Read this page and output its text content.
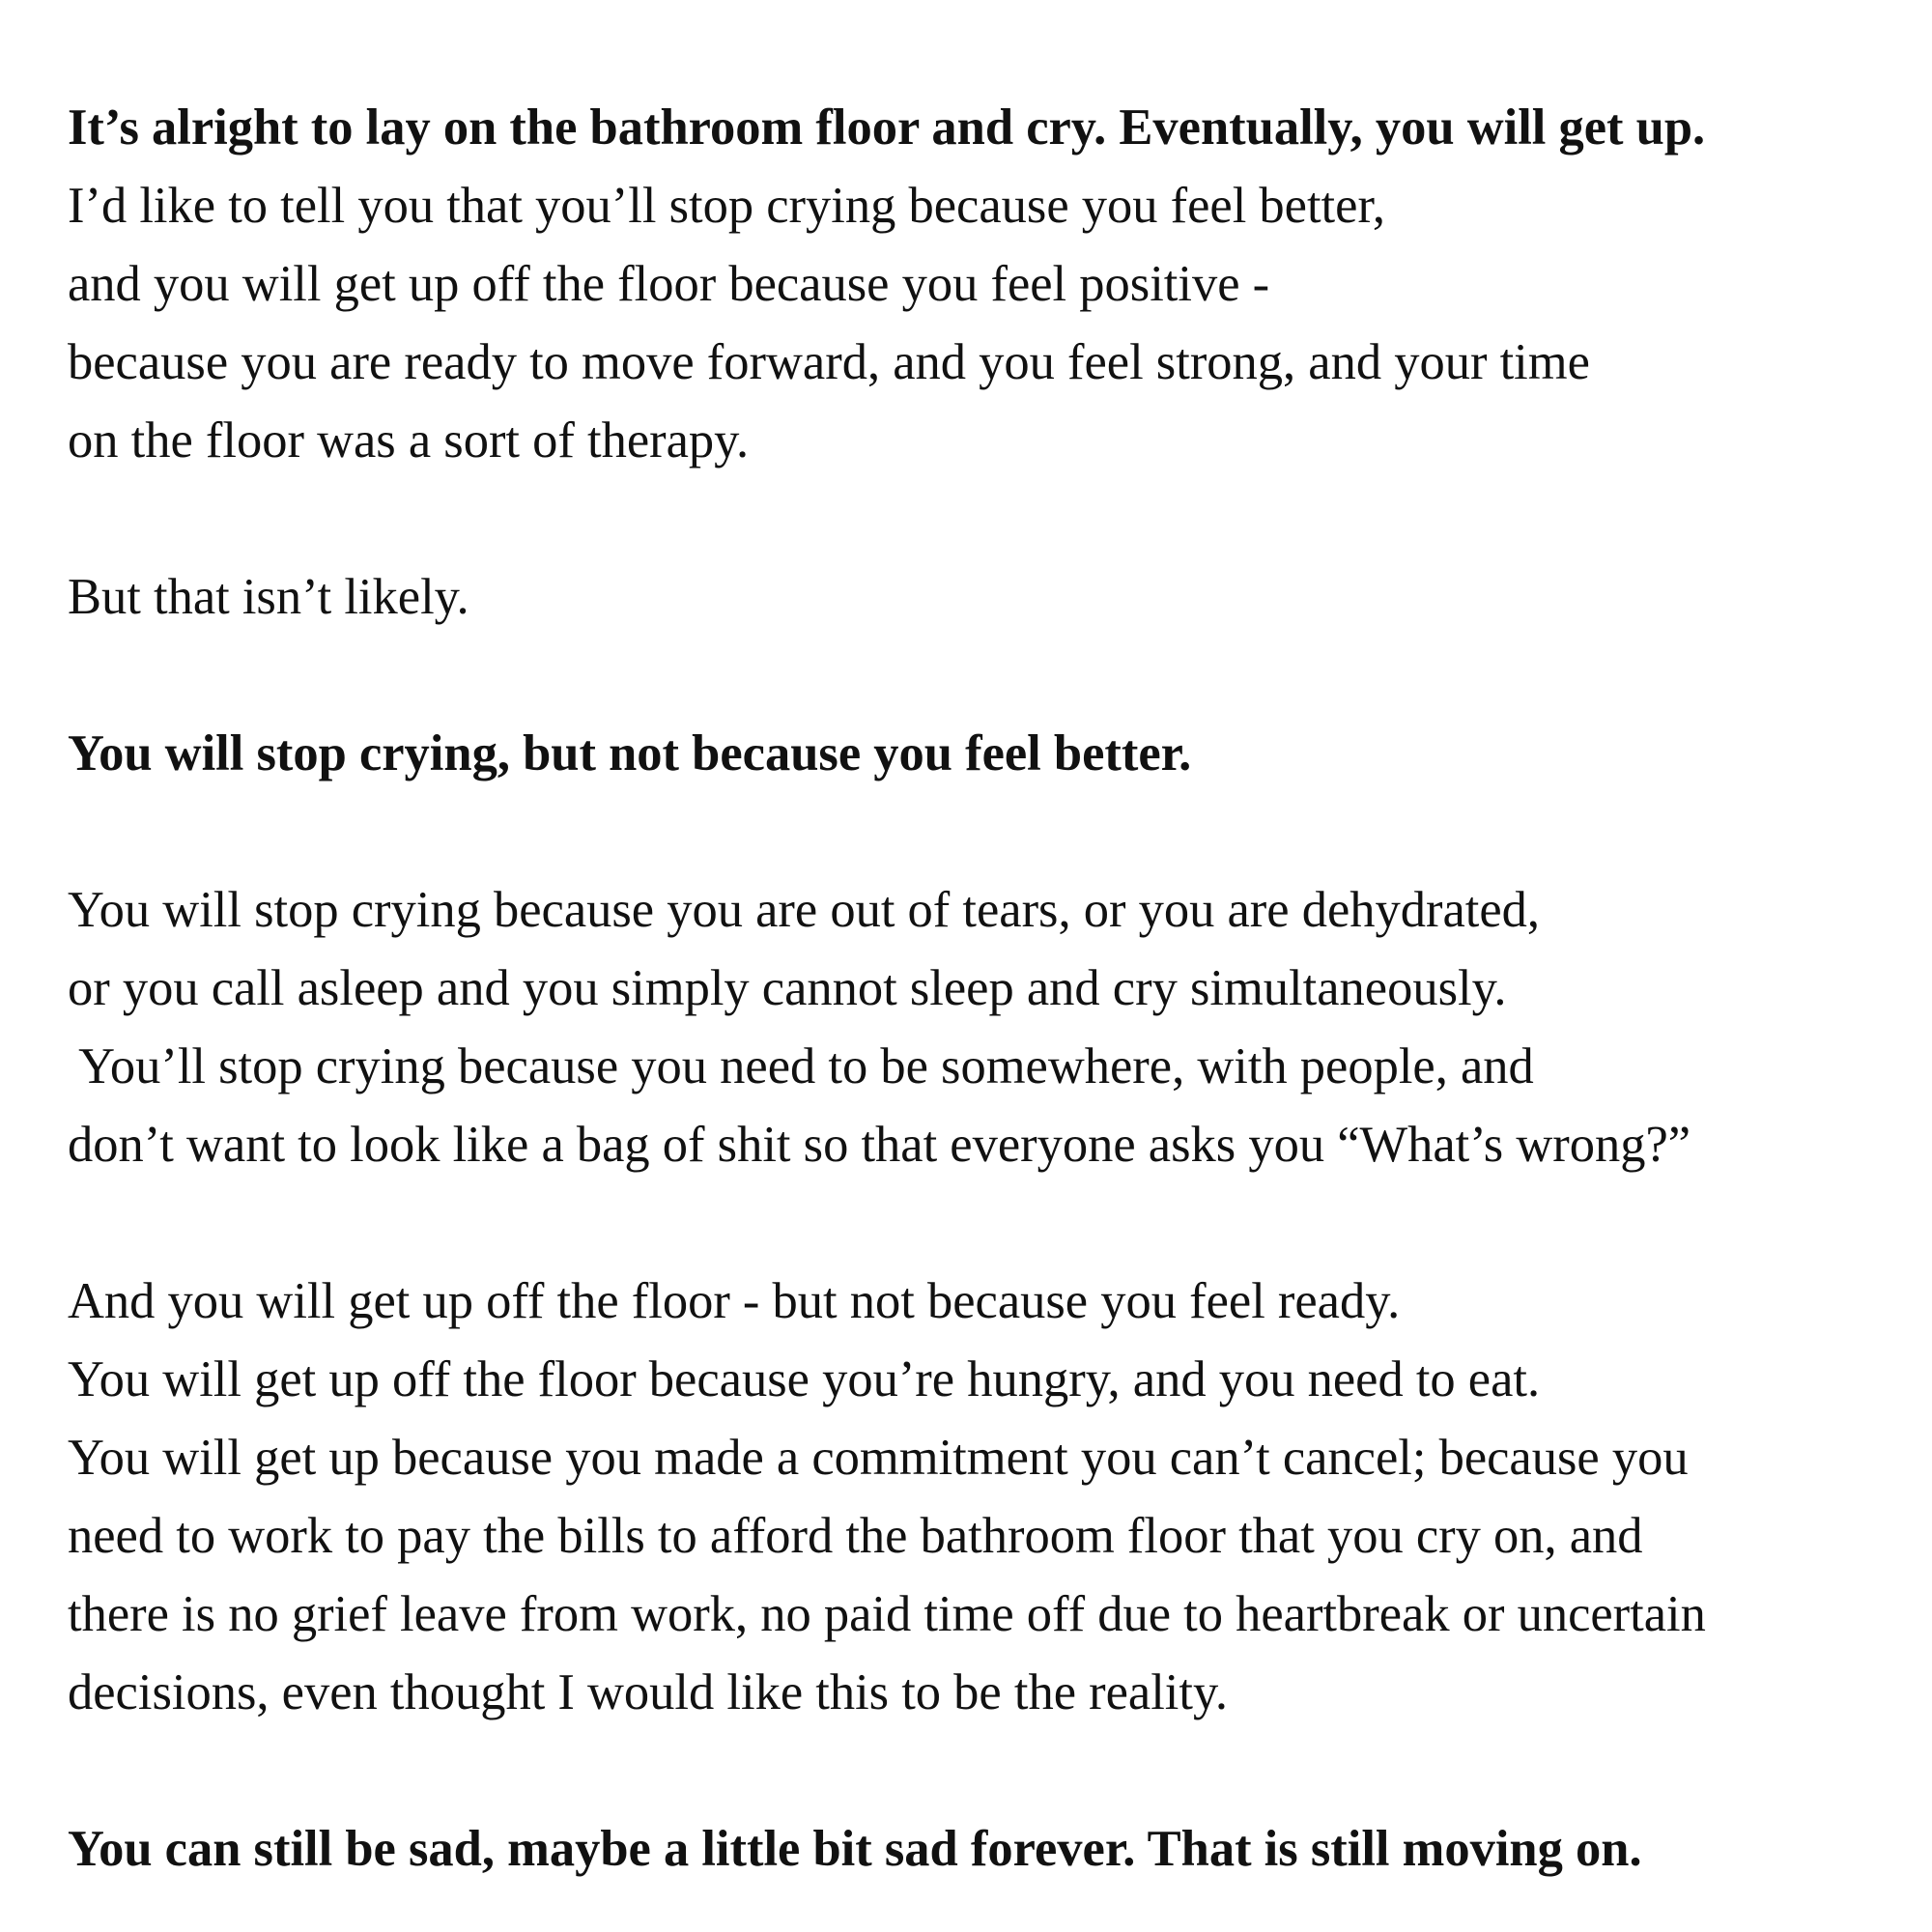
It’s alright to lay on the bathroom floor and cry. Eventually, you will get up.
I’d like to tell you that you’ll stop crying because you feel better,
and you will get up off the floor because you feel positive -
because you are ready to move forward, and you feel strong, and your time
on the floor was a sort of therapy.
But that isn’t likely.
You will stop crying, but not because you feel better.
You will stop crying because you are out of tears, or you are dehydrated,
or you call asleep and you simply cannot sleep and cry simultaneously.
You’ll stop crying because you need to be somewhere, with people, and
don’t want to look like a bag of shit so that everyone asks you “What’s wrong?”
And you will get up off the floor - but not because you feel ready.
You will get up off the floor because you’re hungry, and you need to eat.
You will get up because you made a commitment you can’t cancel; because you
need to work to pay the bills to afford the bathroom floor that you cry on, and
there is no grief leave from work, no paid time off due to heartbreak or uncertain
decisions, even thought I would like this to be the reality.
You can still be sad, maybe a little bit sad forever. That is still moving on.
